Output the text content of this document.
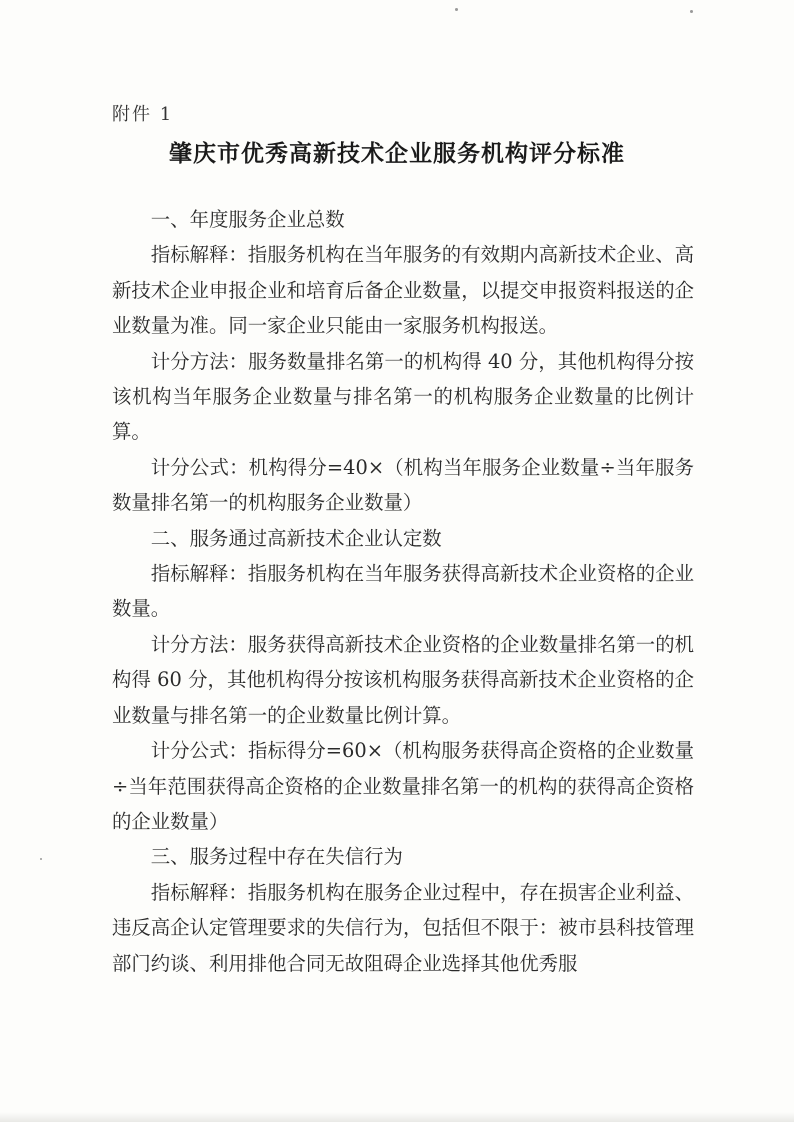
附件 1
肇庆市优秀高新技术企业服务机构评分标准

一、年度服务企业总数

指标解释：指服务机构在当年服务的有效期内高新技术企业、高新技术企业申报企业和培育后备企业数量，以提交申报资料报送的企业数量为准。同一家企业只能由一家服务机构报送。

计分方法：服务数量排名第一的机构得 40 分，其他机构得分按该机构当年服务企业数量与排名第一的机构服务企业数量的比例计算。

计分公式：机构得分=40×（机构当年服务企业数量÷当年服务数量排名第一的机构服务企业数量）

二、服务通过高新技术企业认定数

指标解释：指服务机构在当年服务获得高新技术企业资格的企业数量。

计分方法：服务获得高新技术企业资格的企业数量排名第一的机构得 60 分，其他机构得分按该机构服务获得高新技术企业资格的企业数量与排名第一的企业数量比例计算。

计分公式：指标得分=60×（机构服务获得高企资格的企业数量÷当年范围获得高企资格的企业数量排名第一的机构的获得高企资格的企业数量）

三、服务过程中存在失信行为

指标解释：指服务机构在服务企业过程中，存在损害企业利益、违反高企认定管理要求的失信行为，包括但不限于：被市县科技管理部门约谈、利用排他合同无故阻碍企业选择其他优秀服
